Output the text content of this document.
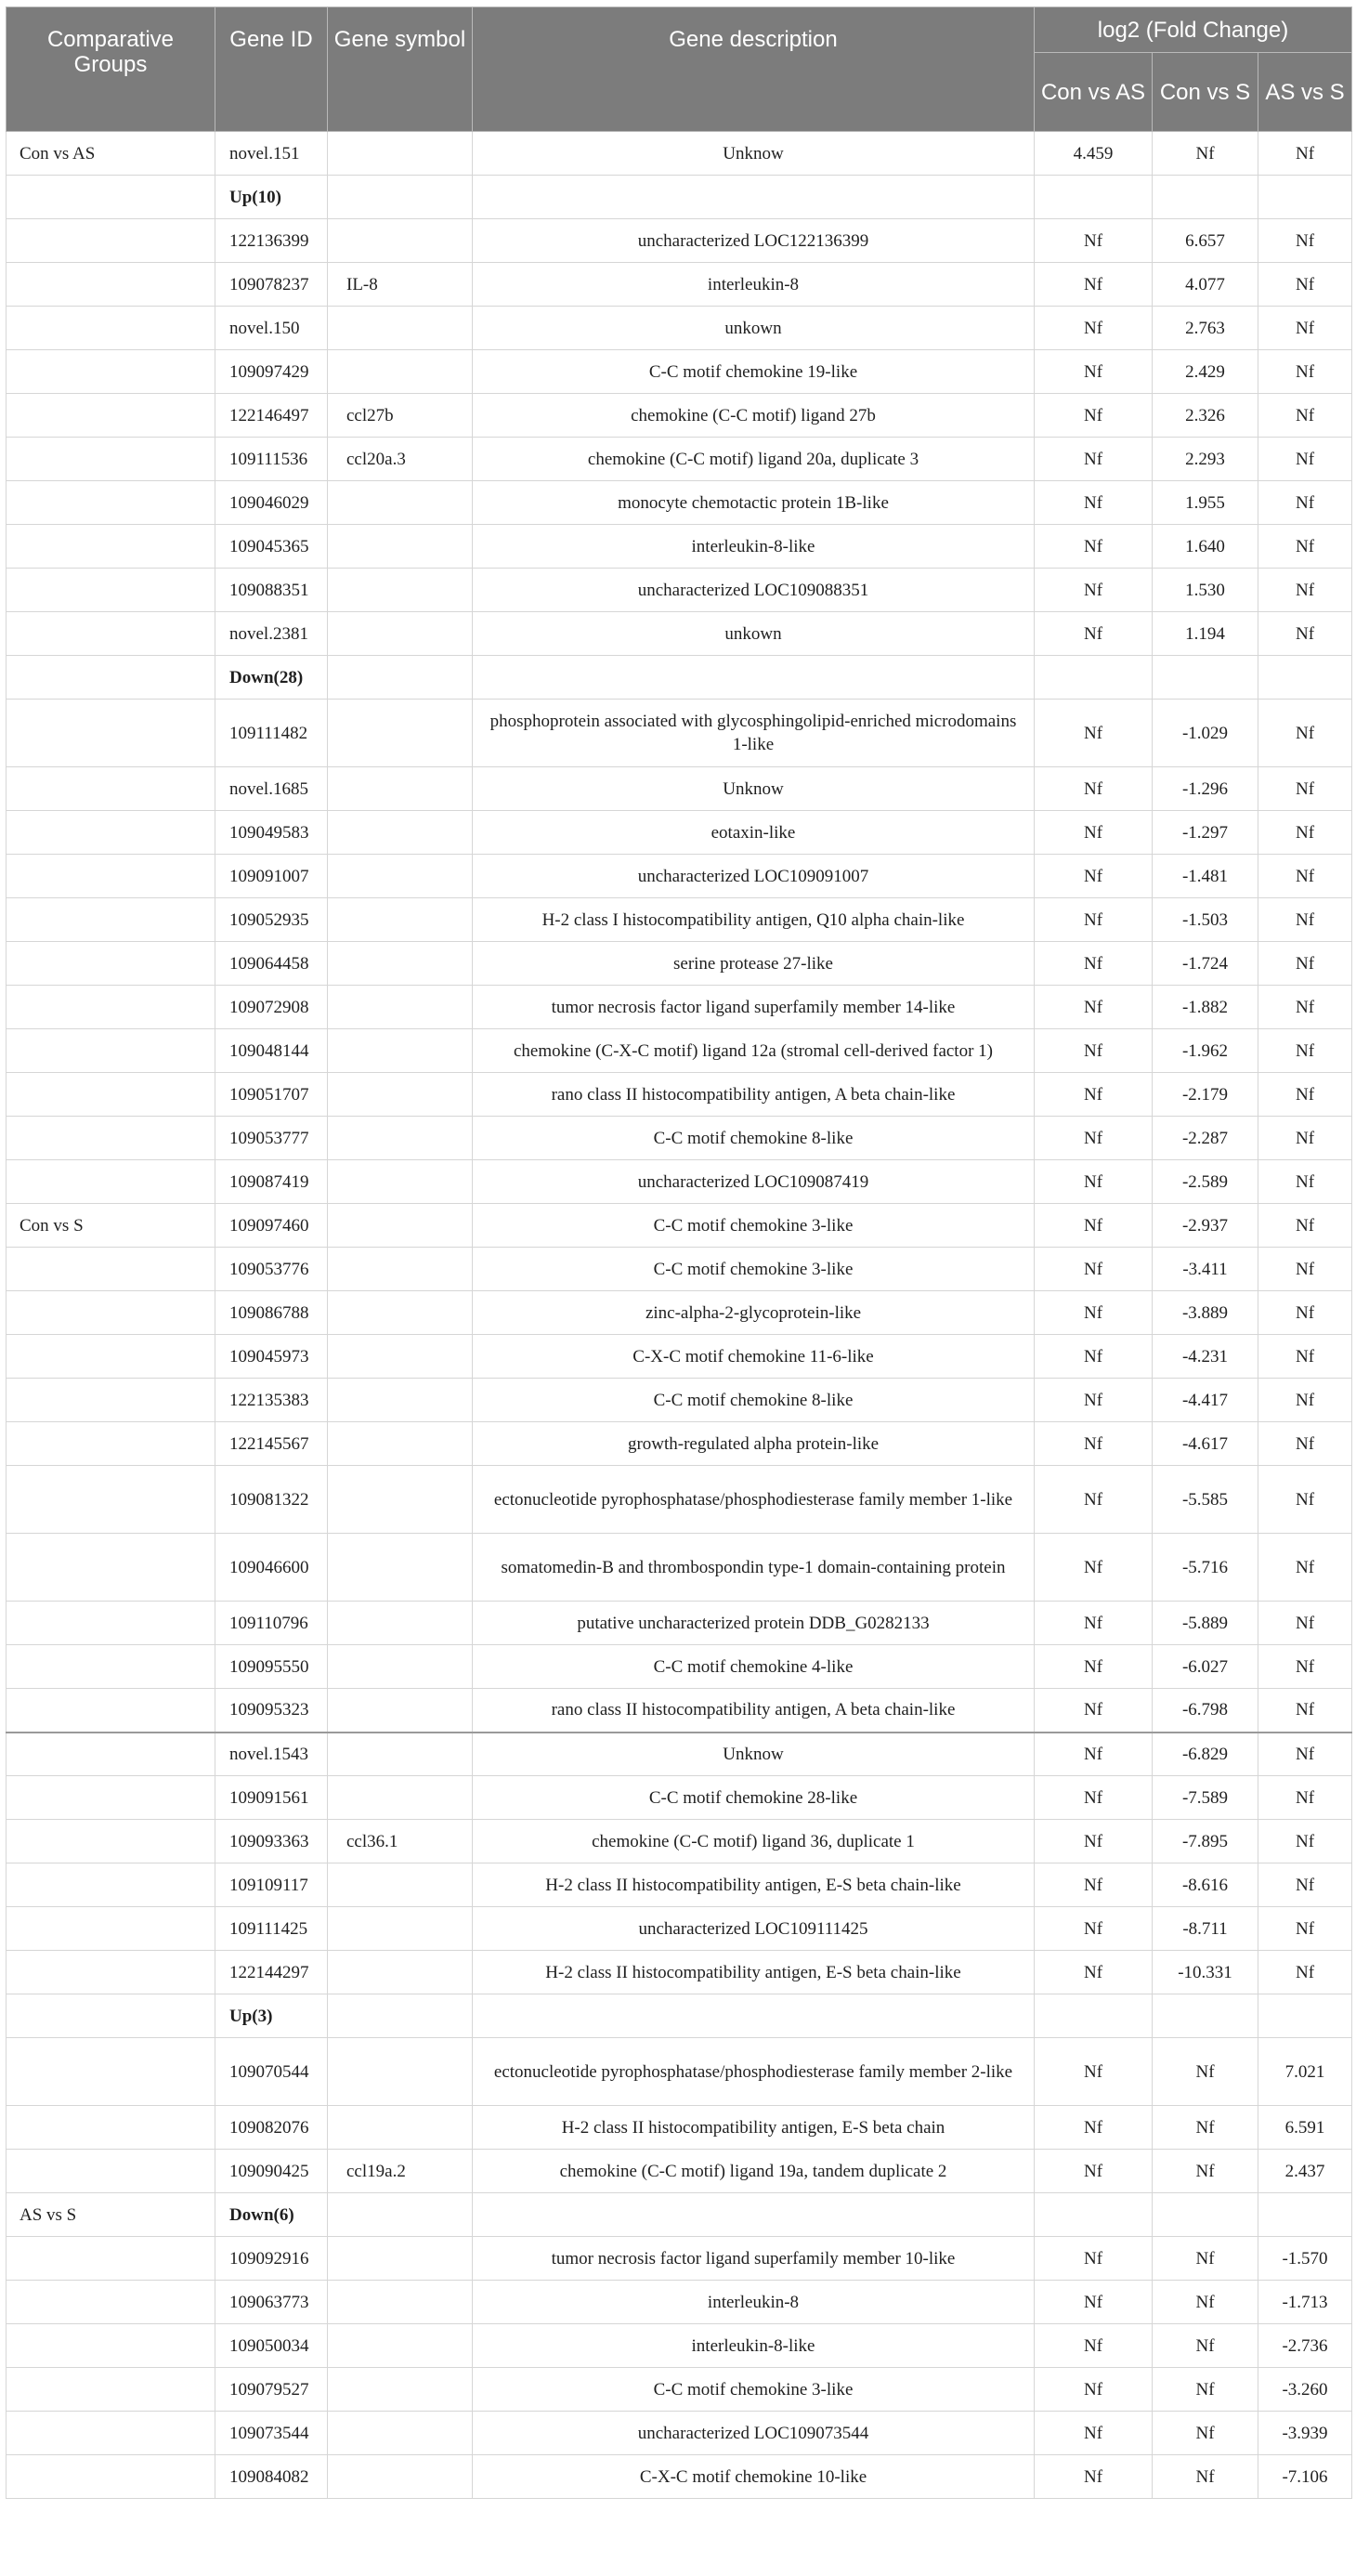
Comparative Groups	Gene ID	Gene symbol	Gene description	log2 (Fold Change)		
				Con vs AS	Con vs S	AS vs S
Con vs AS	novel.151		Unknow	4.459	Nf	Nf
	Up(10)					
	122136399		uncharacterized LOC122136399	Nf	6.657	Nf
	109078237	IL-8	interleukin-8	Nf	4.077	Nf
	novel.150		unkown	Nf	2.763	Nf
	109097429		C-C motif chemokine 19-like	Nf	2.429	Nf
	122146497	ccl27b	chemokine (C-C motif) ligand 27b	Nf	2.326	Nf
	109111536	ccl20a.3	chemokine (C-C motif) ligand 20a, duplicate 3	Nf	2.293	Nf
	109046029		monocyte chemotactic protein 1B-like	Nf	1.955	Nf
	109045365		interleukin-8-like	Nf	1.640	Nf
	109088351		uncharacterized LOC109088351	Nf	1.530	Nf
	novel.2381		unkown	Nf	1.194	Nf
	Down(28)					
	109111482		phosphoprotein associated with glycosphingolipid-enriched microdomains 1-like	Nf	-1.029	Nf
	novel.1685		Unknow	Nf	-1.296	Nf
	109049583		eotaxin-like	Nf	-1.297	Nf
	109091007		uncharacterized LOC109091007	Nf	-1.481	Nf
	109052935		H-2 class I histocompatibility antigen, Q10 alpha chain-like	Nf	-1.503	Nf
	109064458		serine protease 27-like	Nf	-1.724	Nf
	109072908		tumor necrosis factor ligand superfamily member 14-like	Nf	-1.882	Nf
	109048144		chemokine (C-X-C motif) ligand 12a (stromal cell-derived factor 1)	Nf	-1.962	Nf
	109051707		rano class II histocompatibility antigen, A beta chain-like	Nf	-2.179	Nf
	109053777		C-C motif chemokine 8-like	Nf	-2.287	Nf
	109087419		uncharacterized LOC109087419	Nf	-2.589	Nf
Con vs S	109097460		C-C motif chemokine 3-like	Nf	-2.937	Nf
	109053776		C-C motif chemokine 3-like	Nf	-3.411	Nf
	109086788		zinc-alpha-2-glycoprotein-like	Nf	-3.889	Nf
	109045973		C-X-C motif chemokine 11-6-like	Nf	-4.231	Nf
	122135383		C-C motif chemokine 8-like	Nf	-4.417	Nf
	122145567		growth-regulated alpha protein-like	Nf	-4.617	Nf
	109081322		ectonucleotide pyrophosphatase/phosphodiesterase family member 1-like	Nf	-5.585	Nf
	109046600		somatomedin-B and thrombospondin type-1 domain-containing protein	Nf	-5.716	Nf
	109110796		putative uncharacterized protein DDB_G0282133	Nf	-5.889	Nf
	109095550		C-C motif chemokine 4-like	Nf	-6.027	Nf
	109095323		rano class II histocompatibility antigen, A beta chain-like	Nf	-6.798	Nf
	novel.1543		Unknow	Nf	-6.829	Nf
	109091561		C-C motif chemokine 28-like	Nf	-7.589	Nf
	109093363	ccl36.1	chemokine (C-C motif) ligand 36, duplicate 1	Nf	-7.895	Nf
	109109117		H-2 class II histocompatibility antigen, E-S beta chain-like	Nf	-8.616	Nf
	109111425		uncharacterized LOC109111425	Nf	-8.711	Nf
	122144297		H-2 class II histocompatibility antigen, E-S beta chain-like	Nf	-10.331	Nf
	Up(3)					
	109070544		ectonucleotide pyrophosphatase/phosphodiesterase family member 2-like	Nf	Nf	7.021
	109082076		H-2 class II histocompatibility antigen, E-S beta chain	Nf	Nf	6.591
	109090425	ccl19a.2	chemokine (C-C motif) ligand 19a, tandem duplicate 2	Nf	Nf	2.437
AS vs S	Down(6)					
	109092916		tumor necrosis factor ligand superfamily member 10-like	Nf	Nf	-1.570
	109063773		interleukin-8	Nf	Nf	-1.713
	109050034		interleukin-8-like	Nf	Nf	-2.736
	109079527		C-C motif chemokine 3-like	Nf	Nf	-3.260
	109073544		uncharacterized LOC109073544	Nf	Nf	-3.939
	109084082		C-X-C motif chemokine 10-like	Nf	Nf	-7.106
